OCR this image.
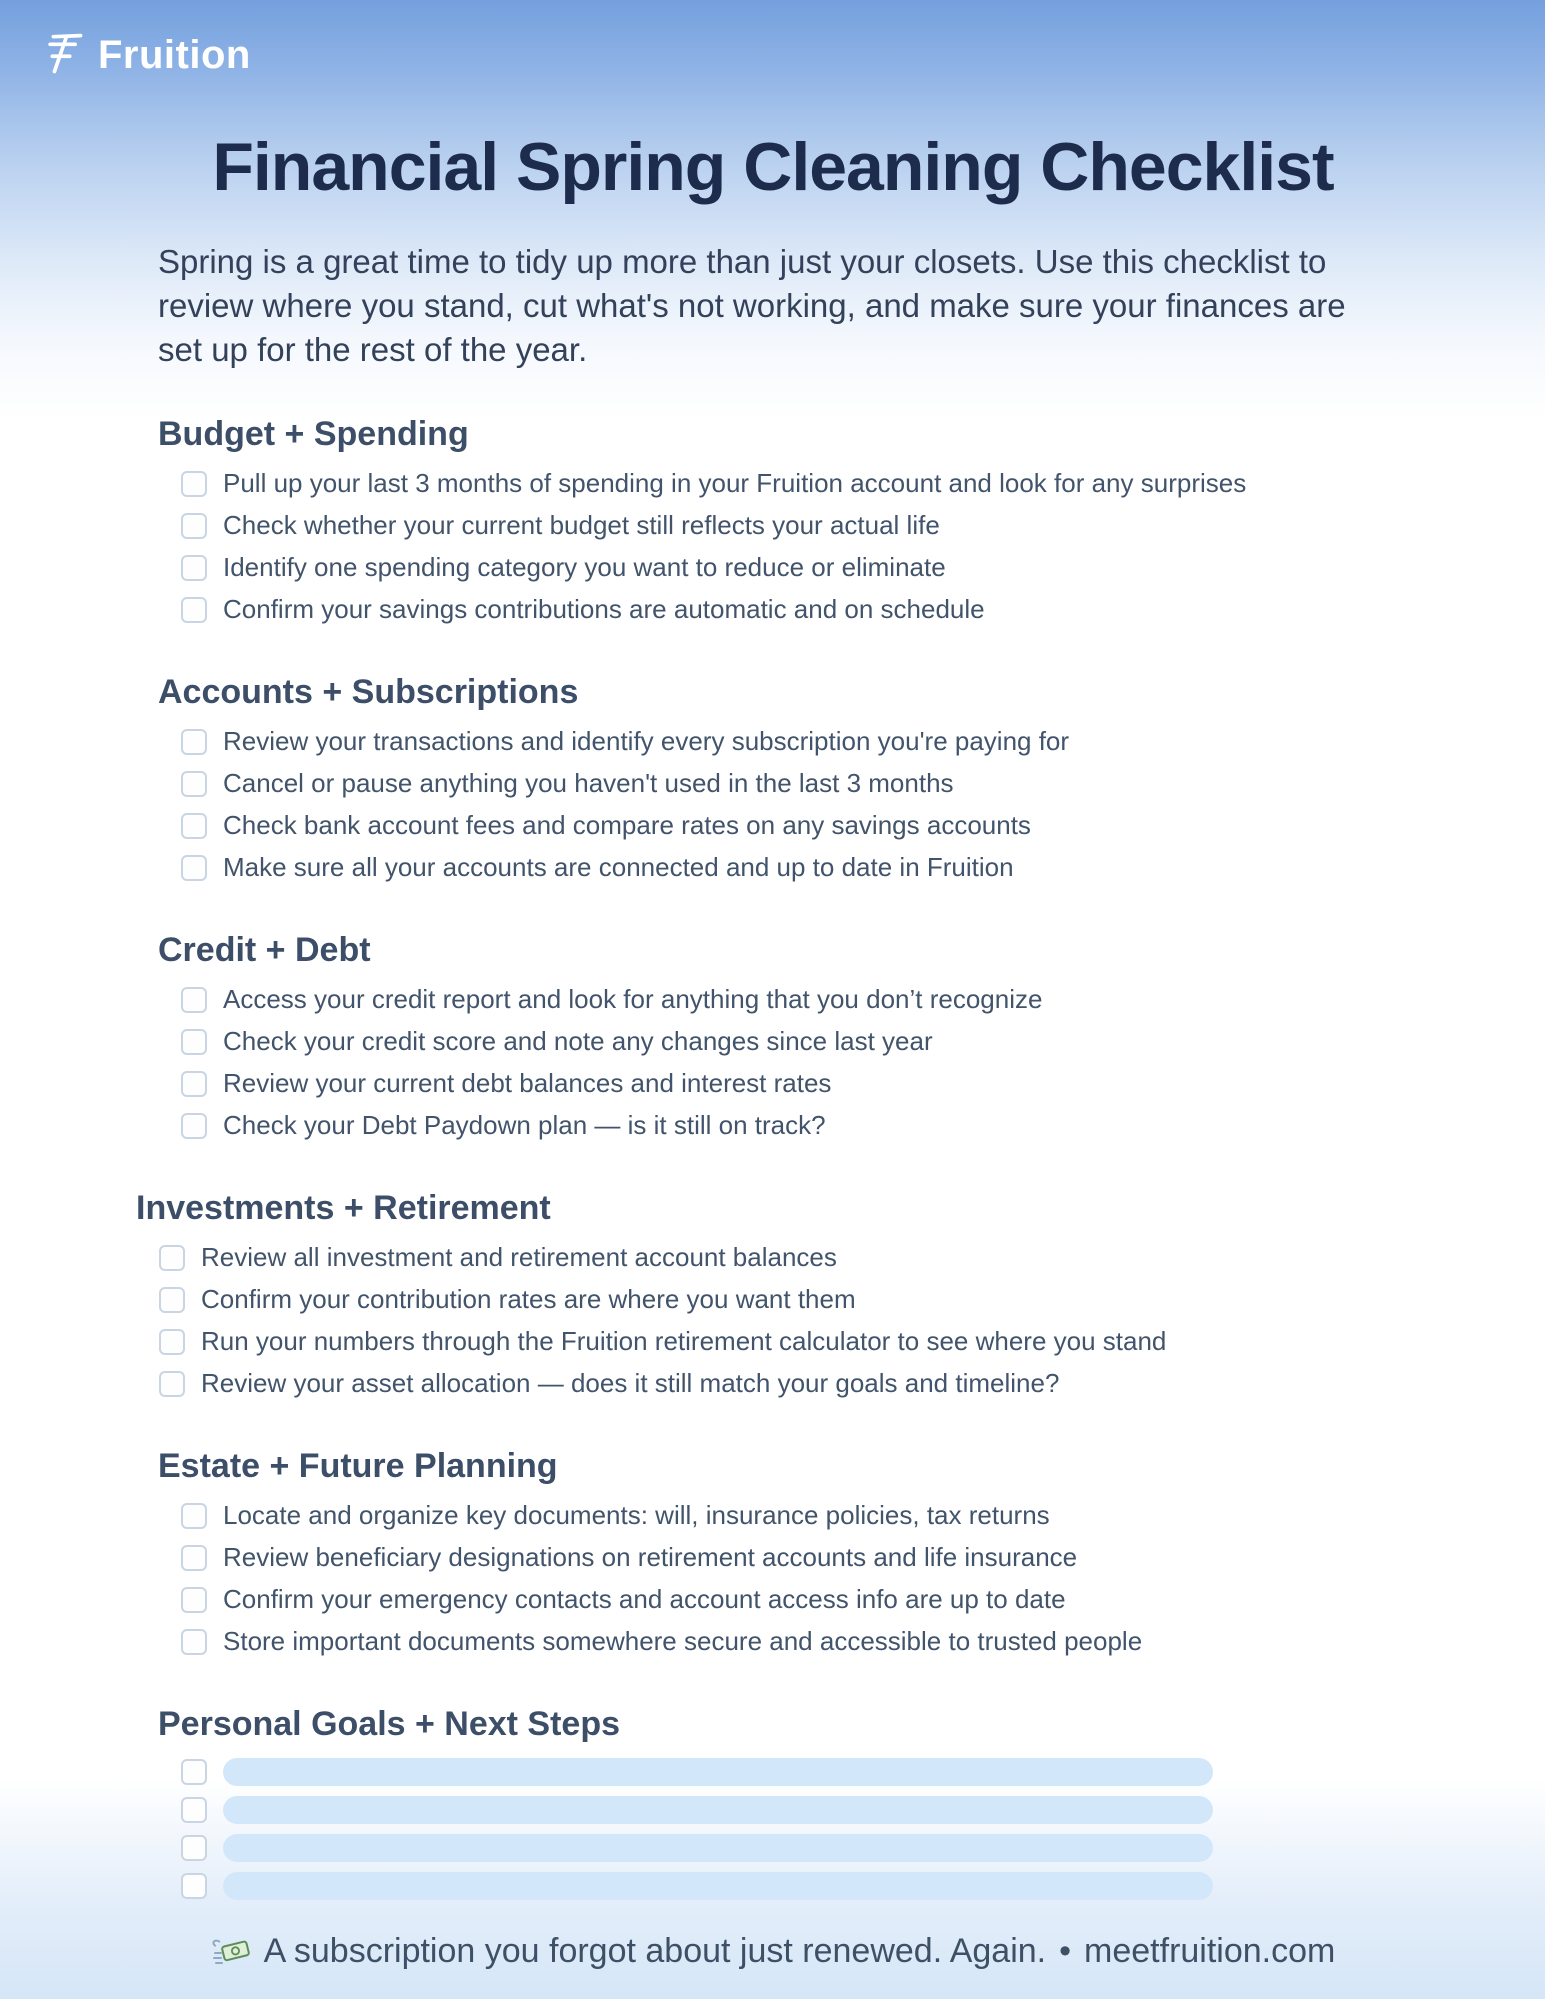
Fruition
Financial Spring Cleaning Checklist

Spring is a great time to tidy up more than just your closets. Use this checklist to review where you stand, cut what's not working, and make sure your finances are set up for the rest of the year.

Budget + Spending
Pull up your last 3 months of spending in your Fruition account and look for any surprises
Check whether your current budget still reflects your actual life
Identify one spending category you want to reduce or eliminate
Confirm your savings contributions are automatic and on schedule
Accounts + Subscriptions
Review your transactions and identify every subscription you're paying for
Cancel or pause anything you haven't used in the last 3 months
Check bank account fees and compare rates on any savings accounts
Make sure all your accounts are connected and up to date in Fruition
Credit + Debt
Access your credit report and look for anything that you don’t recognize
Check your credit score and note any changes since last year
Review your current debt balances and interest rates
Check your Debt Paydown plan — is it still on track?
Investments + Retirement
Review all investment and retirement account balances
Confirm your contribution rates are where you want them
Run your numbers through the Fruition retirement calculator to see where you stand
Review your asset allocation — does it still match your goals and timeline?
Estate + Future Planning
Locate and organize key documents: will, insurance policies, tax returns
Review beneficiary designations on retirement accounts and life insurance
Confirm your emergency contacts and account access info are up to date
Store important documents somewhere secure and accessible to trusted people
Personal Goals + Next Steps
A subscription you forgot about just renewed. Again. • meetfruition.com
